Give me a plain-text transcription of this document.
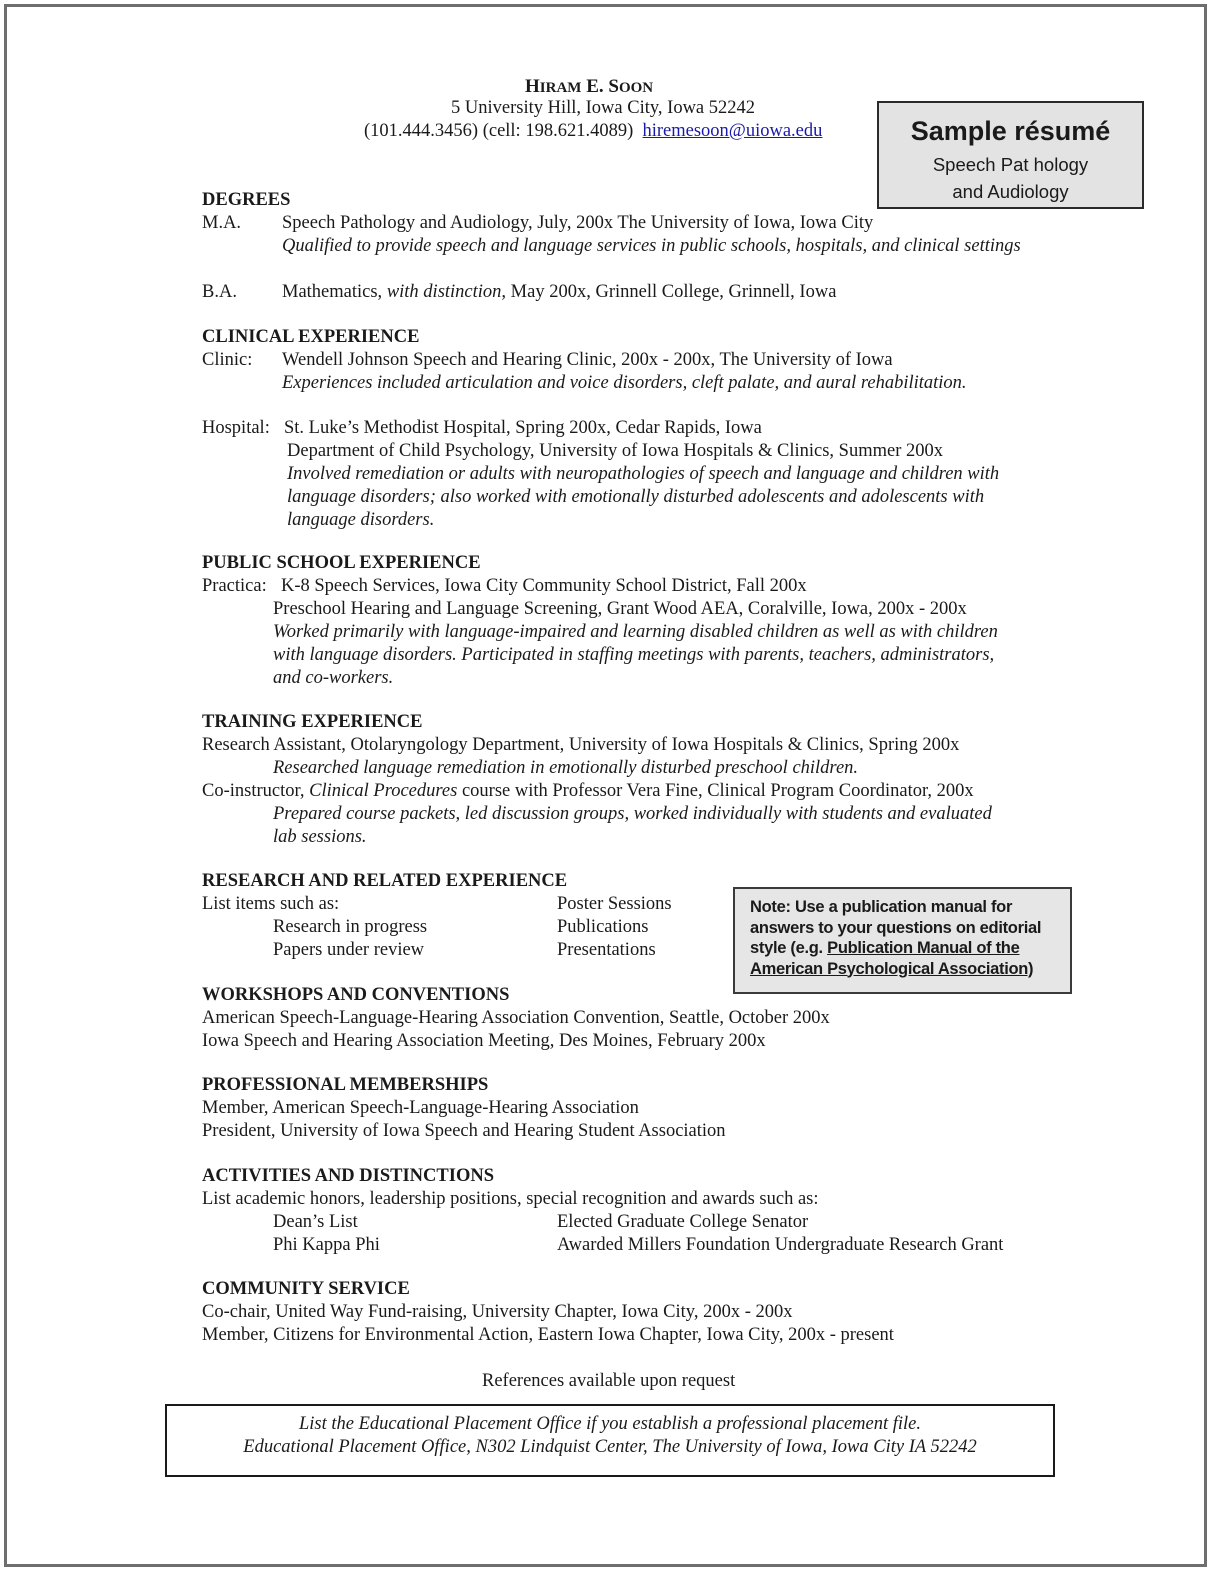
HIRAM E. SOON
5 University Hill, Iowa City, Iowa 52242
(101.444.3456) (cell: 198.621.4089) hiremesoon@uiowa.edu	Sample résumé
Speech Pat hology
and Audiology
DEGREES
M.A. Speech Pathology and Audiology, July, 200x The University of Iowa, Iowa City
Qualified to provide speech and language services in public schools, hospitals, and clinical settings
B.A. Mathematics, with distinction, May 200x, Grinnell College, Grinnell, Iowa
CLINICAL EXPERIENCE
Clinic: Wendell Johnson Speech and Hearing Clinic, 200x - 200x, The University of Iowa
Experiences included articulation and voice disorders, cleft palate, and aural rehabilitation.
Hospital: St. Luke’s Methodist Hospital, Spring 200x, Cedar Rapids, Iowa
Department of Child Psychology, University of Iowa Hospitals & Clinics, Summer 200x
Involved remediation or adults with neuropathologies of speech and language and children with
language disorders; also worked with emotionally disturbed adolescents and adolescents with
language disorders.
PUBLIC SCHOOL EXPERIENCE
Practica: K-8 Speech Services, Iowa City Community School District, Fall 200x
Preschool Hearing and Language Screening, Grant Wood AEA, Coralville, Iowa, 200x - 200x
Worked primarily with language-impaired and learning disabled children as well as with children
with language disorders. Participated in staffing meetings with parents, teachers, administrators,
and co-workers.
TRAINING EXPERIENCE
Research Assistant, Otolaryngology Department, University of Iowa Hospitals & Clinics, Spring 200x
Researched language remediation in emotionally disturbed preschool children.
Co-instructor, Clinical Procedures course with Professor Vera Fine, Clinical Program Coordinator, 200x
Prepared course packets, led discussion groups, worked individually with students and evaluated
lab sessions.
RESEARCH AND RELATED EXPERIENCE
List items such as:
Research in progress
Papers under review
Poster Sessions
Publications
Presentations
Note: Use a publication manual for
answers to your questions on editorial
style (e.g. Publication Manual of the
American Psychological Association)
WORKSHOPS AND CONVENTIONS
American Speech-Language-Hearing Association Convention, Seattle, October 200x
Iowa Speech and Hearing Association Meeting, Des Moines, February 200x
PROFESSIONAL MEMBERSHIPS
Member, American Speech-Language-Hearing Association
President, University of Iowa Speech and Hearing Student Association
ACTIVITIES AND DISTINCTIONS
List academic honors, leadership positions, special recognition and awards such as:
Dean’s List
Phi Kappa Phi
Elected Graduate College Senator
Awarded Millers Foundation Undergraduate Research Grant
COMMUNITY SERVICE
Co-chair, United Way Fund-raising, University Chapter, Iowa City, 200x - 200x
Member, Citizens for Environmental Action, Eastern Iowa Chapter, Iowa City, 200x - present
References available upon request
List the Educational Placement Office if you establish a professional placement file.
Educational Placement Office, N302 Lindquist Center, The University of Iowa, Iowa City IA 52242
